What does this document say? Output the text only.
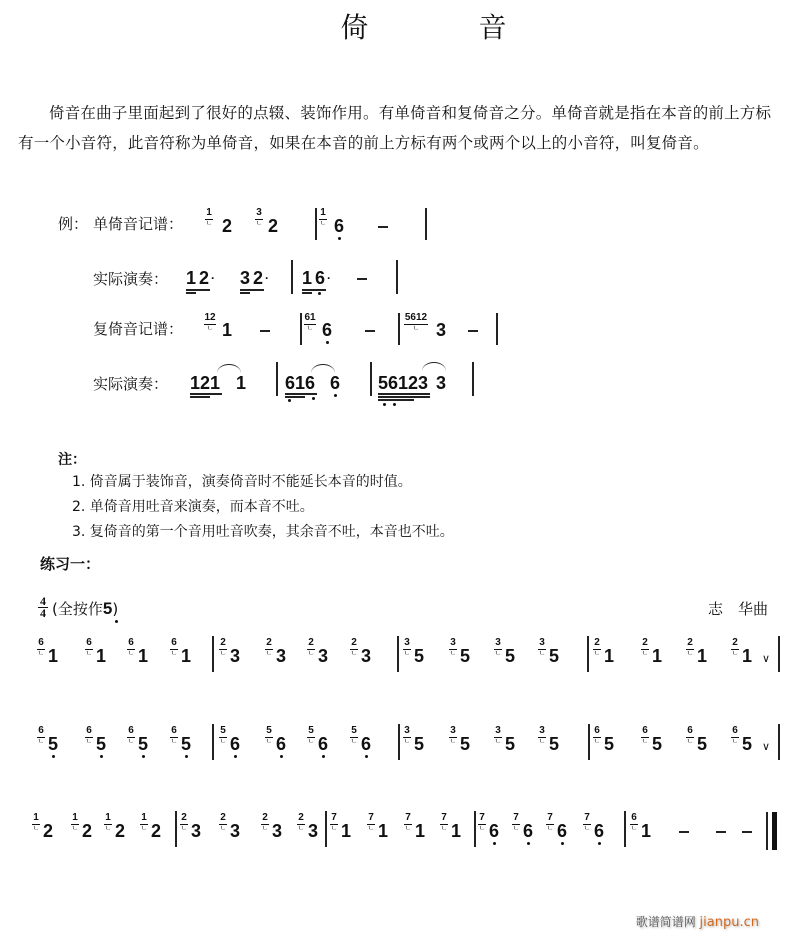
倚	音
倚音在曲子里面起到了很好的点辍、装饰作用。有单倚音和复倚音之分。单倚音就是指在本音的前上方标有一个小音符，此音符称为单倚音，如果在本音的前上方标有两个或两个以上的小音符，叫复倚音。
例： 单倚音记谱：
实际演奏：
复倚音记谱：
实际演奏：
注：
1. 倚音属于装饰音，演奏倚音时不能延长本音的时值。
2. 单倚音用吐音来演奏，而本音不吐。
3. 复倚音的第一个音用吐音吹奏，其余音不吐，本音也不吐。
练习一：
4
4 (全按作5)	志　华曲
歌谱简谱网 jianpu.cn
1
ㄴ 2
3
ㄴ 2
1
ㄴ 6
1 2 · 3 2 · 1 6 ·
12
ㄴ 1
61
ㄴ 6
5612
ㄴ 3
121 1 616 6 56123 3
6
ㄴ 1
6
ㄴ 1
6
ㄴ 1
6
ㄴ 1
2
ㄴ 3
2
ㄴ 3
2
ㄴ 3
2
ㄴ 3
3
ㄴ 5
3
ㄴ 5
3
ㄴ 5
3
ㄴ 5
2
ㄴ 1
2
ㄴ 1
2
ㄴ 1
2
ㄴ 1 ∨
6
ㄴ 5
6
ㄴ 5
6
ㄴ 5
6
ㄴ 5
5
ㄴ 6
5
ㄴ 6
5
ㄴ 6
5
ㄴ 6
3
ㄴ 5
3
ㄴ 5
3
ㄴ 5
3
ㄴ 5
6
ㄴ 5
6
ㄴ 5
6
ㄴ 5
6
ㄴ 5 ∨
1
ㄴ 2
1
ㄴ 2
1
ㄴ 2
1
ㄴ 2
2
ㄴ 3
2
ㄴ 3
2
ㄴ 3
2
ㄴ 3
7
ㄴ 1
7
ㄴ 1
7
ㄴ 1
7
ㄴ 1
7
ㄴ 6
7
ㄴ 6
7
ㄴ 6
7
ㄴ 6
6
ㄴ 1
